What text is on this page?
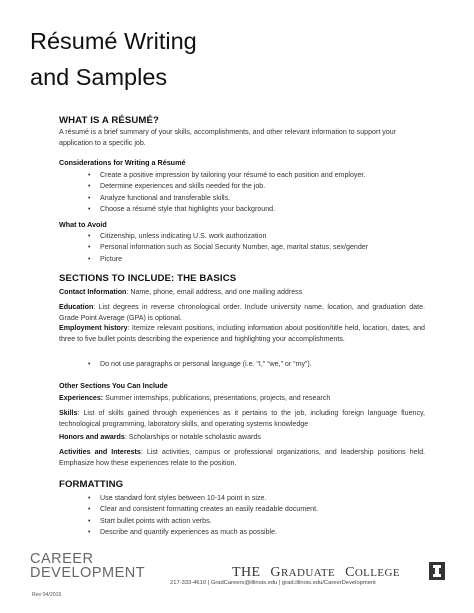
Résumé Writing
and Samples
WHAT IS A RÉSUMÉ?

A résumé is a brief summary of your skills, accomplishments, and other relevant information to support your application to a specific job.

Considerations for Writing a Résumé
• Create a positive impression by tailoring your résumé to each position and employer.
• Determine experiences and skills needed for the job.
• Analyze functional and transferable skills.
• Choose a résumé style that highlights your background.
What to Avoid
• Citizenship, unless indicating U.S. work authorization
• Personal information such as Social Security Number, age, marital status, sex/gender
• Picture
SECTIONS TO INCLUDE: THE BASICS

Contact Information: Name, phone, email address, and one mailing address

Education: List degrees in reverse chronological order. Include university name, location, and graduation date. Grade Point Average (GPA) is optional.

Employment history: Itemize relevant positions, including information about position/title held, location, dates, and three to five bullet points describing the experience and highlighting your accomplishments.

• Do not use paragraphs or personal language (i.e. “I,” “we,” or “my”).
Other Sections You Can Include

Experiences: Summer internships, publications, presentations, projects, and research

Skills: List of skills gained through experiences as it pertains to the job, including foreign language fluency, technological programming, laboratory skills, and operating systems knowledge

Honors and awards: Scholarships or notable scholastic awards

Activities and Interests: List activities, campus or professional organizations, and leadership positions held. Emphasize how these experiences relate to the position.

FORMATTING
• Use standard font styles between 10-14 point in size.
• Clear and consistent formatting creates an easily readable document.
• Start bullet points with action verbs.
• Describe and quantify experiences as much as possible.
CAREER
DEVELOPMENT
Rev 04/2015
THE GRADUATE COLLEGE
217-333-4610 | GradCareers@illinois.edu | grad.illinois.edu/CareerDevelopment
